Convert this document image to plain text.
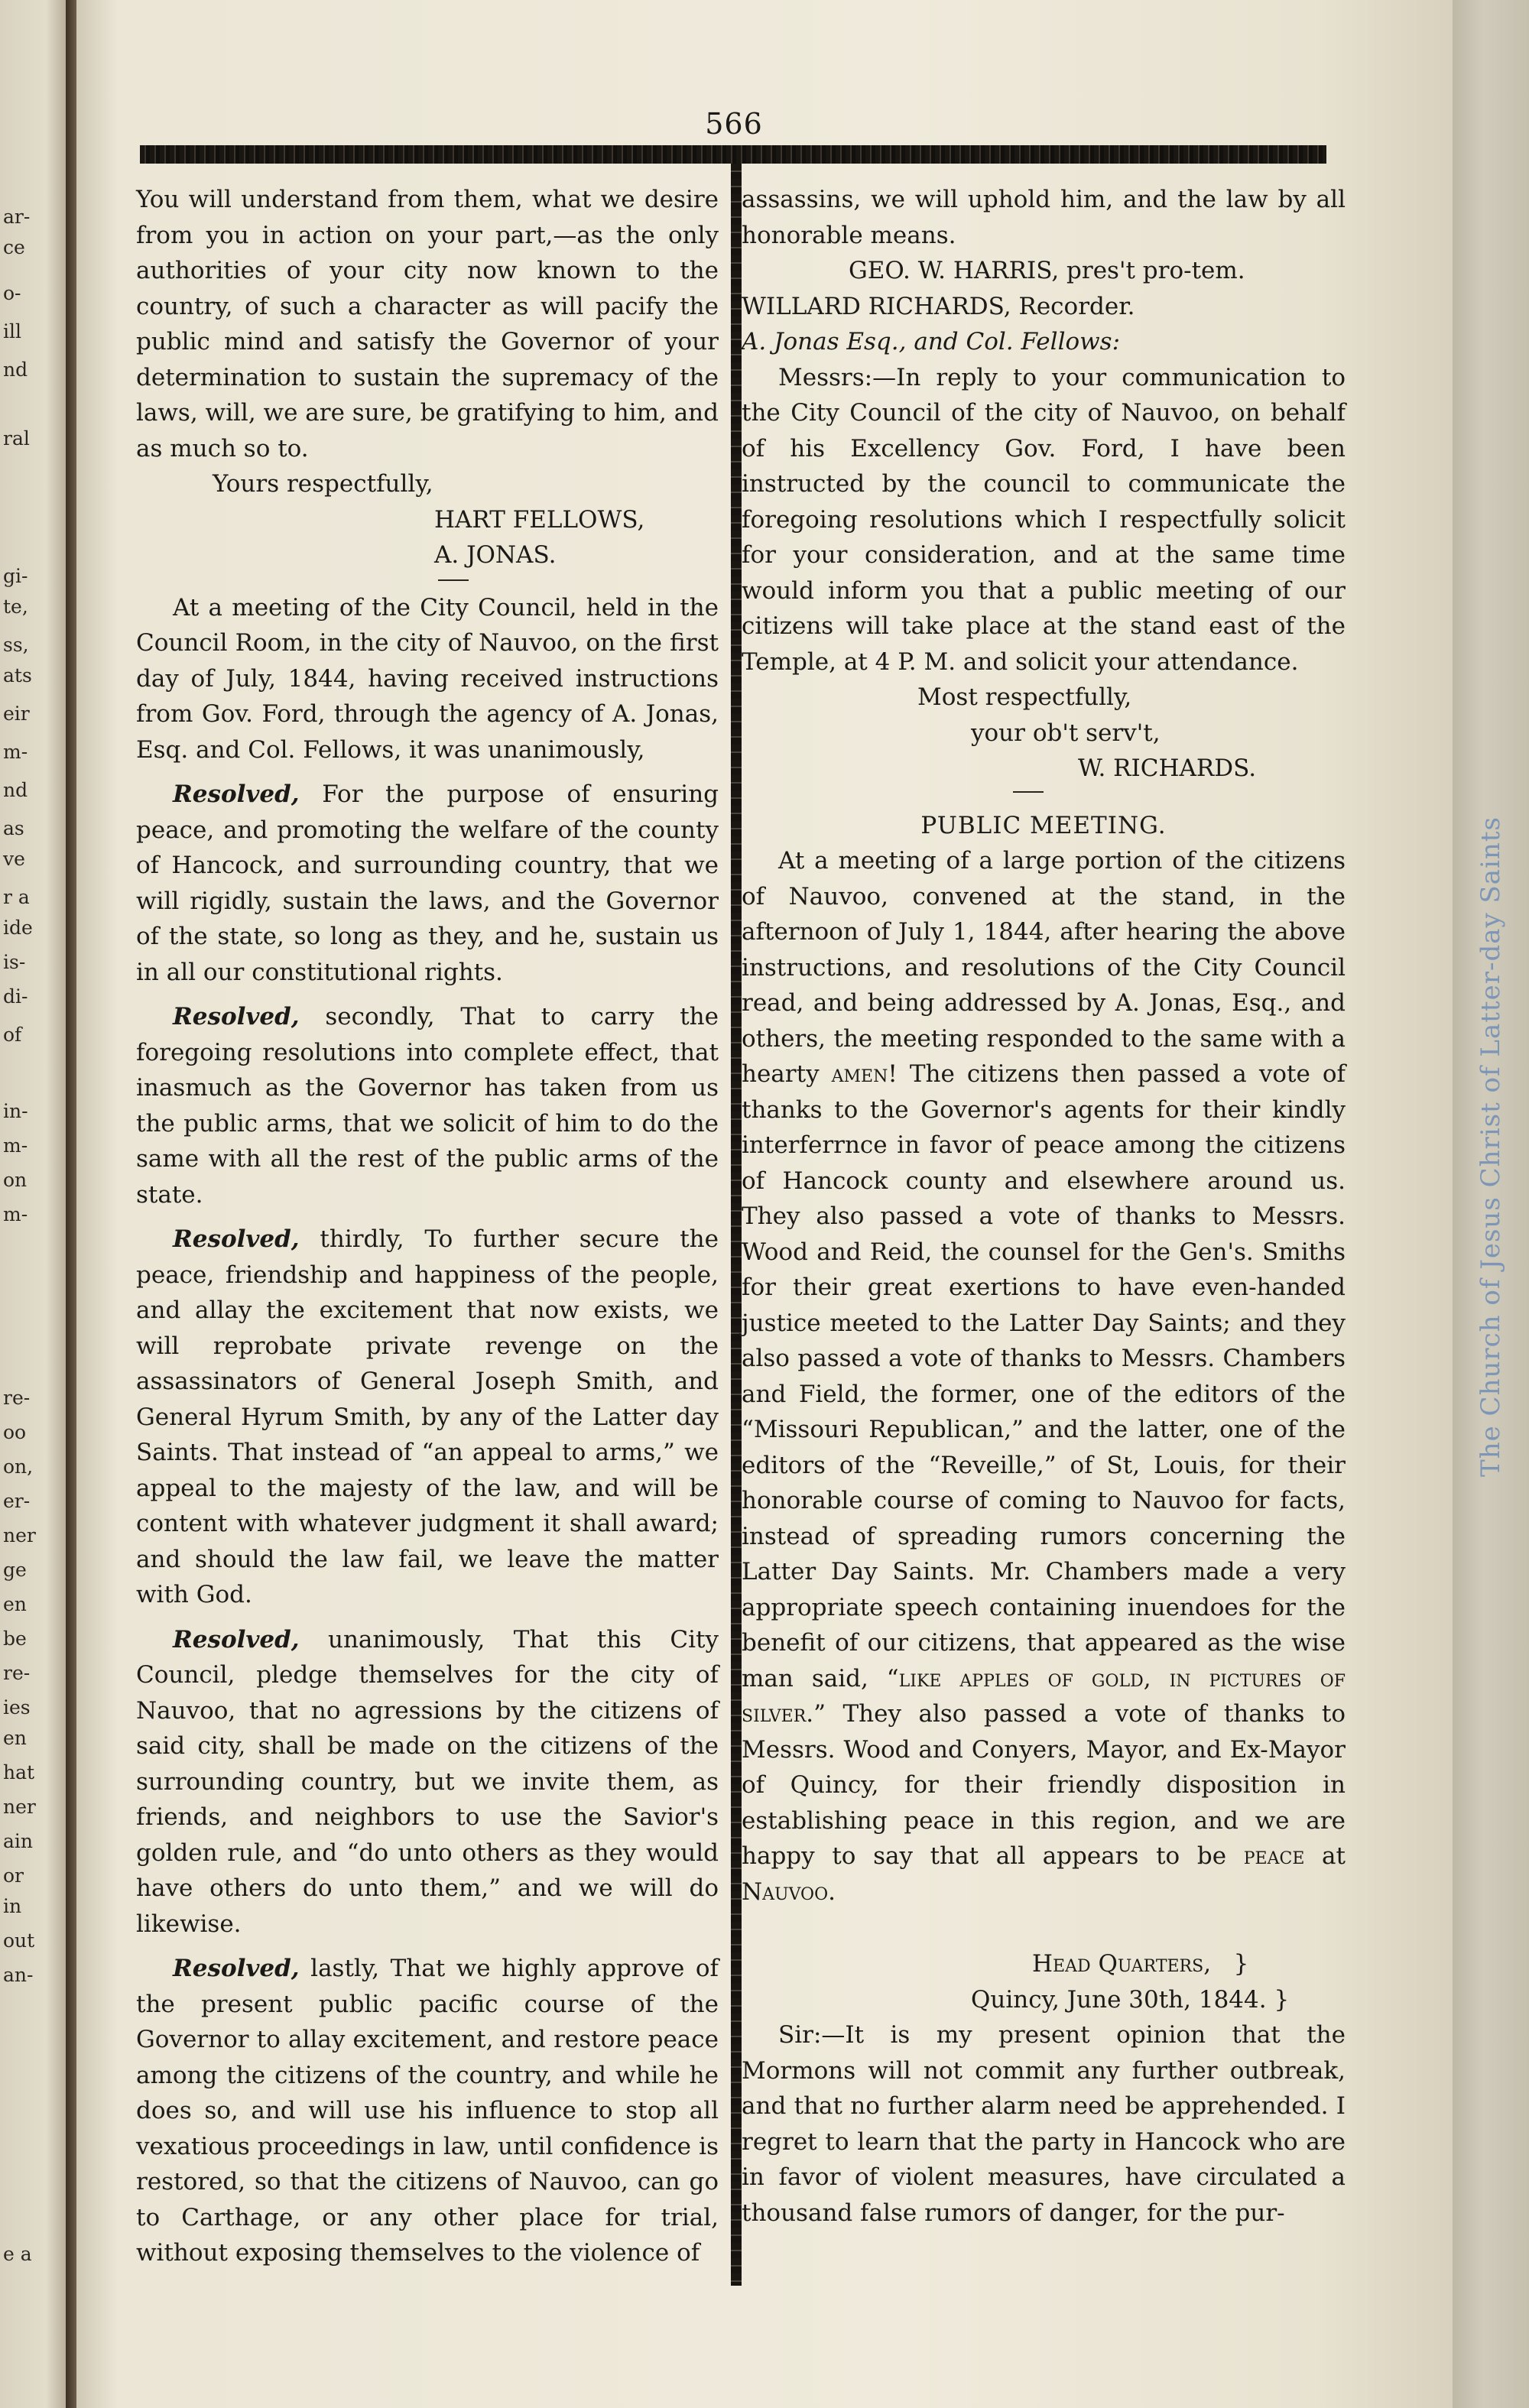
ar-
ce
o-
ill
nd
ral
gi-
te,
ss,
ats
eir
m-
nd
as
ve
r a
ide
is-
di-
of
in-
m-
on
m-
re-
oo
on,
er-
ner
ge
en
be
re-
ies
en
hat
ner
ain
or
in
out
an-
e a
The Church of Jesus Christ of Latter-day Saints
566

You will understand from them, what we desire from you in action on your part,—as the only authorities of your city now known to the country, of such a character as will pacify the public mind and satisfy the Governor of your determination to sustain the supremacy of the laws, will, we are sure, be gratifying to him, and as much so to.

Yours respectfully,

HART FELLOWS,

A. JONAS.

At a meeting of the City Council, held in the Council Room, in the city of Nauvoo, on the first day of July, 1844, having received instructions from Gov. Ford, through the agency of A. Jonas, Esq. and Col. Fellows, it was unanimously,

Resolved, For the purpose of ensuring peace, and promoting the welfare of the county of Hancock, and surrounding country, that we will rigidly, sustain the laws, and the Governor of the state, so long as they, and he, sustain us in all our constitutional rights.

Resolved, secondly, That to carry the foregoing resolutions into complete effect, that inasmuch as the Governor has taken from us the public arms, that we solicit of him to do the same with all the rest of the public arms of the state.

Resolved, thirdly, To further secure the peace, friendship and happiness of the people, and allay the excitement that now exists, we will reprobate private revenge on the assassinators of General Joseph Smith, and General Hyrum Smith, by any of the Latter day Saints. That instead of “an appeal to arms,” we appeal to the majesty of the law, and will be content with whatever judgment it shall award; and should the law fail, we leave the matter with God.

Resolved, unanimously, That this City Council, pledge themselves for the city of Nauvoo, that no agressions by the citizens of said city, shall be made on the citizens of the surrounding country, but we invite them, as friends, and neighbors to use the Savior's golden rule, and “do unto others as they would have others do unto them,” and we will do likewise.

Resolved, lastly, That we highly approve of the present public pacific course of the Governor to allay excitement, and restore peace among the citizens of the country, and while he does so, and will use his influence to stop all vexatious proceedings in law, until confidence is restored, so that the citizens of Nauvoo, can go to Carthage, or any other place for trial, without exposing themselves to the violence of

assassins, we will uphold him, and the law by all honorable means.

GEO. W. HARRIS, pres't pro-tem.

WILLARD RICHARDS, Recorder.

A. Jonas Esq., and Col. Fellows:

Messrs:—In reply to your communication to the City Council of the city of Nauvoo, on behalf of his Excellency Gov. Ford, I have been instructed by the council to communicate the foregoing resolutions which I respectfully solicit for your consideration, and at the same time would inform you that a public meeting of our citizens will take place at the stand east of the Temple, at 4 P. M. and solicit your attendance.

Most respectfully,

your ob't serv't,

W. RICHARDS.

PUBLIC MEETING.

At a meeting of a large portion of the citizens of Nauvoo, convened at the stand, in the afternoon of July 1, 1844, after hearing the above instructions, and resolutions of the City Council read, and being addressed by A. Jonas, Esq., and others, the meeting responded to the same with a hearty amen! The citizens then passed a vote of thanks to the Governor's agents for their kindly interferrnce in favor of peace among the citizens of Hancock county and elsewhere around us. They also passed a vote of thanks to Messrs. Wood and Reid, the counsel for the Gen's. Smiths for their great exertions to have even-handed justice meeted to the Latter Day Saints; and they also passed a vote of thanks to Messrs. Chambers and Field, the former, one of the editors of the “Missouri Republican,” and the latter, one of the editors of the “Reveille,” of St, Louis, for their honorable course of coming to Nauvoo for facts, instead of spreading rumors concerning the Latter Day Saints. Mr. Chambers made a very appropriate speech containing inuendoes for the benefit of our citizens, that appeared as the wise man said, “like apples of gold, in pictures of silver.” They also passed a vote of thanks to Messrs. Wood and Conyers, Mayor, and Ex-Mayor of Quincy, for their friendly disposition in establishing peace in this region, and we are happy to say that all appears to be peace at Nauvoo.

Head Quarters, }

Quincy, June 30th, 1844. }

Sir:—It is my present opinion that the Mormons will not commit any further outbreak, and that no further alarm need be apprehended. I regret to learn that the party in Hancock who are in favor of violent measures, have circulated a thousand false rumors of danger, for the pur-
